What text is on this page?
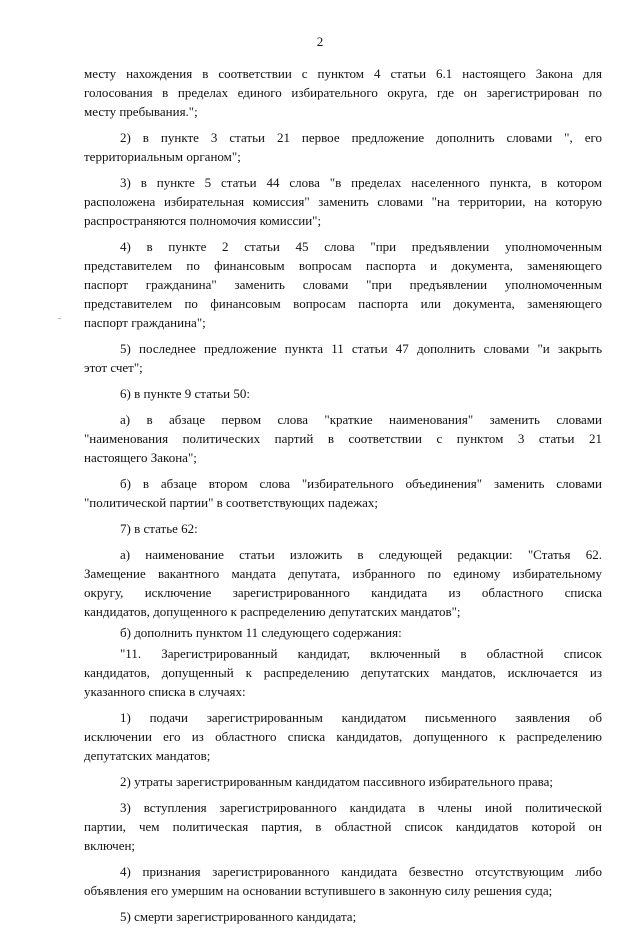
2
месту нахождения в соответствии с пунктом 4 статьи 6.1 настоящего Закона для
голосования в пределах единого избирательного округа, где он зарегистрирован по
месту пребывания.";
2) в пункте 3 статьи 21 первое предложение дополнить словами ", его
территориальным органом";
3) в пункте 5 статьи 44 слова "в пределах населенного пункта, в котором
расположена избирательная комиссия" заменить словами "на территории, на которую
распространяются полномочия комиссии";
4) в пункте 2 статьи 45 слова "при предъявлении уполномоченным
представителем по финансовым вопросам паспорта и документа, заменяющего
паспорт гражданина" заменить словами "при предъявлении уполномоченным
представителем по финансовым вопросам паспорта или документа, заменяющего
паспорт гражданина";
5) последнее предложение пункта 11 статьи 47 дополнить словами "и закрыть
этот счет";
6) в пункте 9 статьи 50:
а) в абзаце первом слова "краткие наименования" заменить словами
"наименования политических партий в соответствии с пунктом 3 статьи 21
настоящего Закона";
б) в абзаце втором слова "избирательного объединения" заменить словами
"политической партии" в соответствующих падежах;
7) в статье 62:
а) наименование статьи изложить в следующей редакции: "Статья 62.
Замещение вакантного мандата депутата, избранного по единому избирательному
округу, исключение зарегистрированного кандидата из областного списка
кандидатов, допущенного к распределению депутатских мандатов";
б) дополнить пунктом 11 следующего содержания:
"11. Зарегистрированный кандидат, включенный в областной список
кандидатов, допущенный к распределению депутатских мандатов, исключается из
указанного списка в случаях:
1) подачи зарегистрированным кандидатом письменного заявления об
исключении его из областного списка кандидатов, допущенного к распределению
депутатских мандатов;
2) утраты зарегистрированным кандидатом пассивного избирательного права;
3) вступления зарегистрированного кандидата в члены иной политической
партии, чем политическая партия, в областной список кандидатов которой он
включен;
4) признания зарегистрированного кандидата безвестно отсутствующим либо
объявления его умершим на основании вступившего в законную силу решения суда;
5) смерти зарегистрированного кандидата;
